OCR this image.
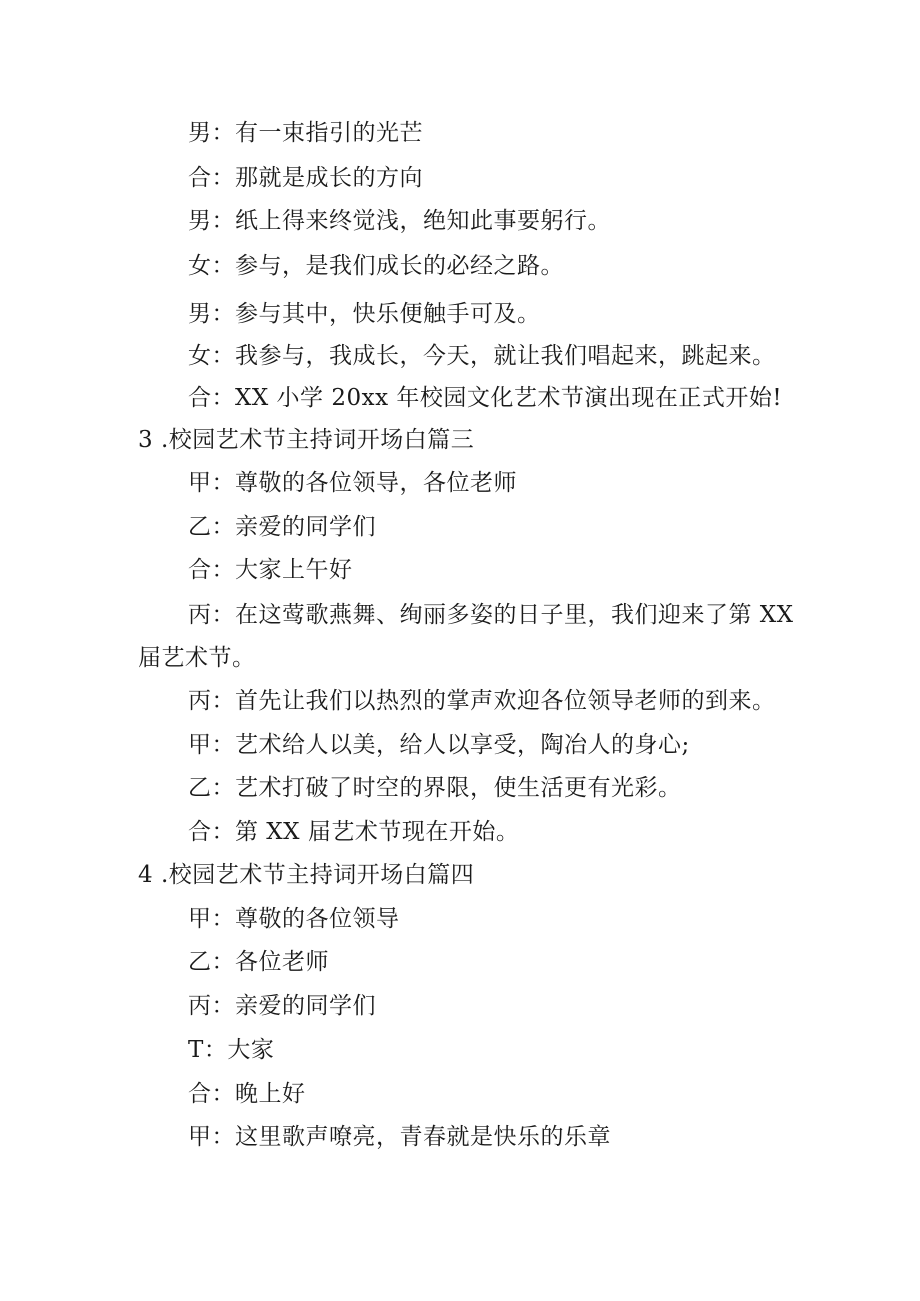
男：有一束指引的光芒
合：那就是成长的方向
男：纸上得来终觉浅，绝知此事要躬行。
女：参与，是我们成长的必经之路。
男：参与其中，快乐便触手可及。
女：我参与，我成长，今天，就让我们唱起来，跳起来。
合：XX 小学 20xx 年校园文化艺术节演出现在正式开始!
3 .校园艺术节主持词开场白篇三
甲：尊敬的各位领导，各位老师
乙：亲爱的同学们
合：大家上午好
丙：在这莺歌燕舞、绚丽多姿的日子里，我们迎来了第 XX
届艺术节。
丙：首先让我们以热烈的掌声欢迎各位领导老师的到来。
甲：艺术给人以美，给人以享受，陶冶人的身心;
乙：艺术打破了时空的界限，使生活更有光彩。
合：第 XX 届艺术节现在开始。
4 .校园艺术节主持词开场白篇四
甲：尊敬的各位领导
乙：各位老师
丙：亲爱的同学们
T：大家
合：晚上好
甲：这里歌声嘹亮，青春就是快乐的乐章
